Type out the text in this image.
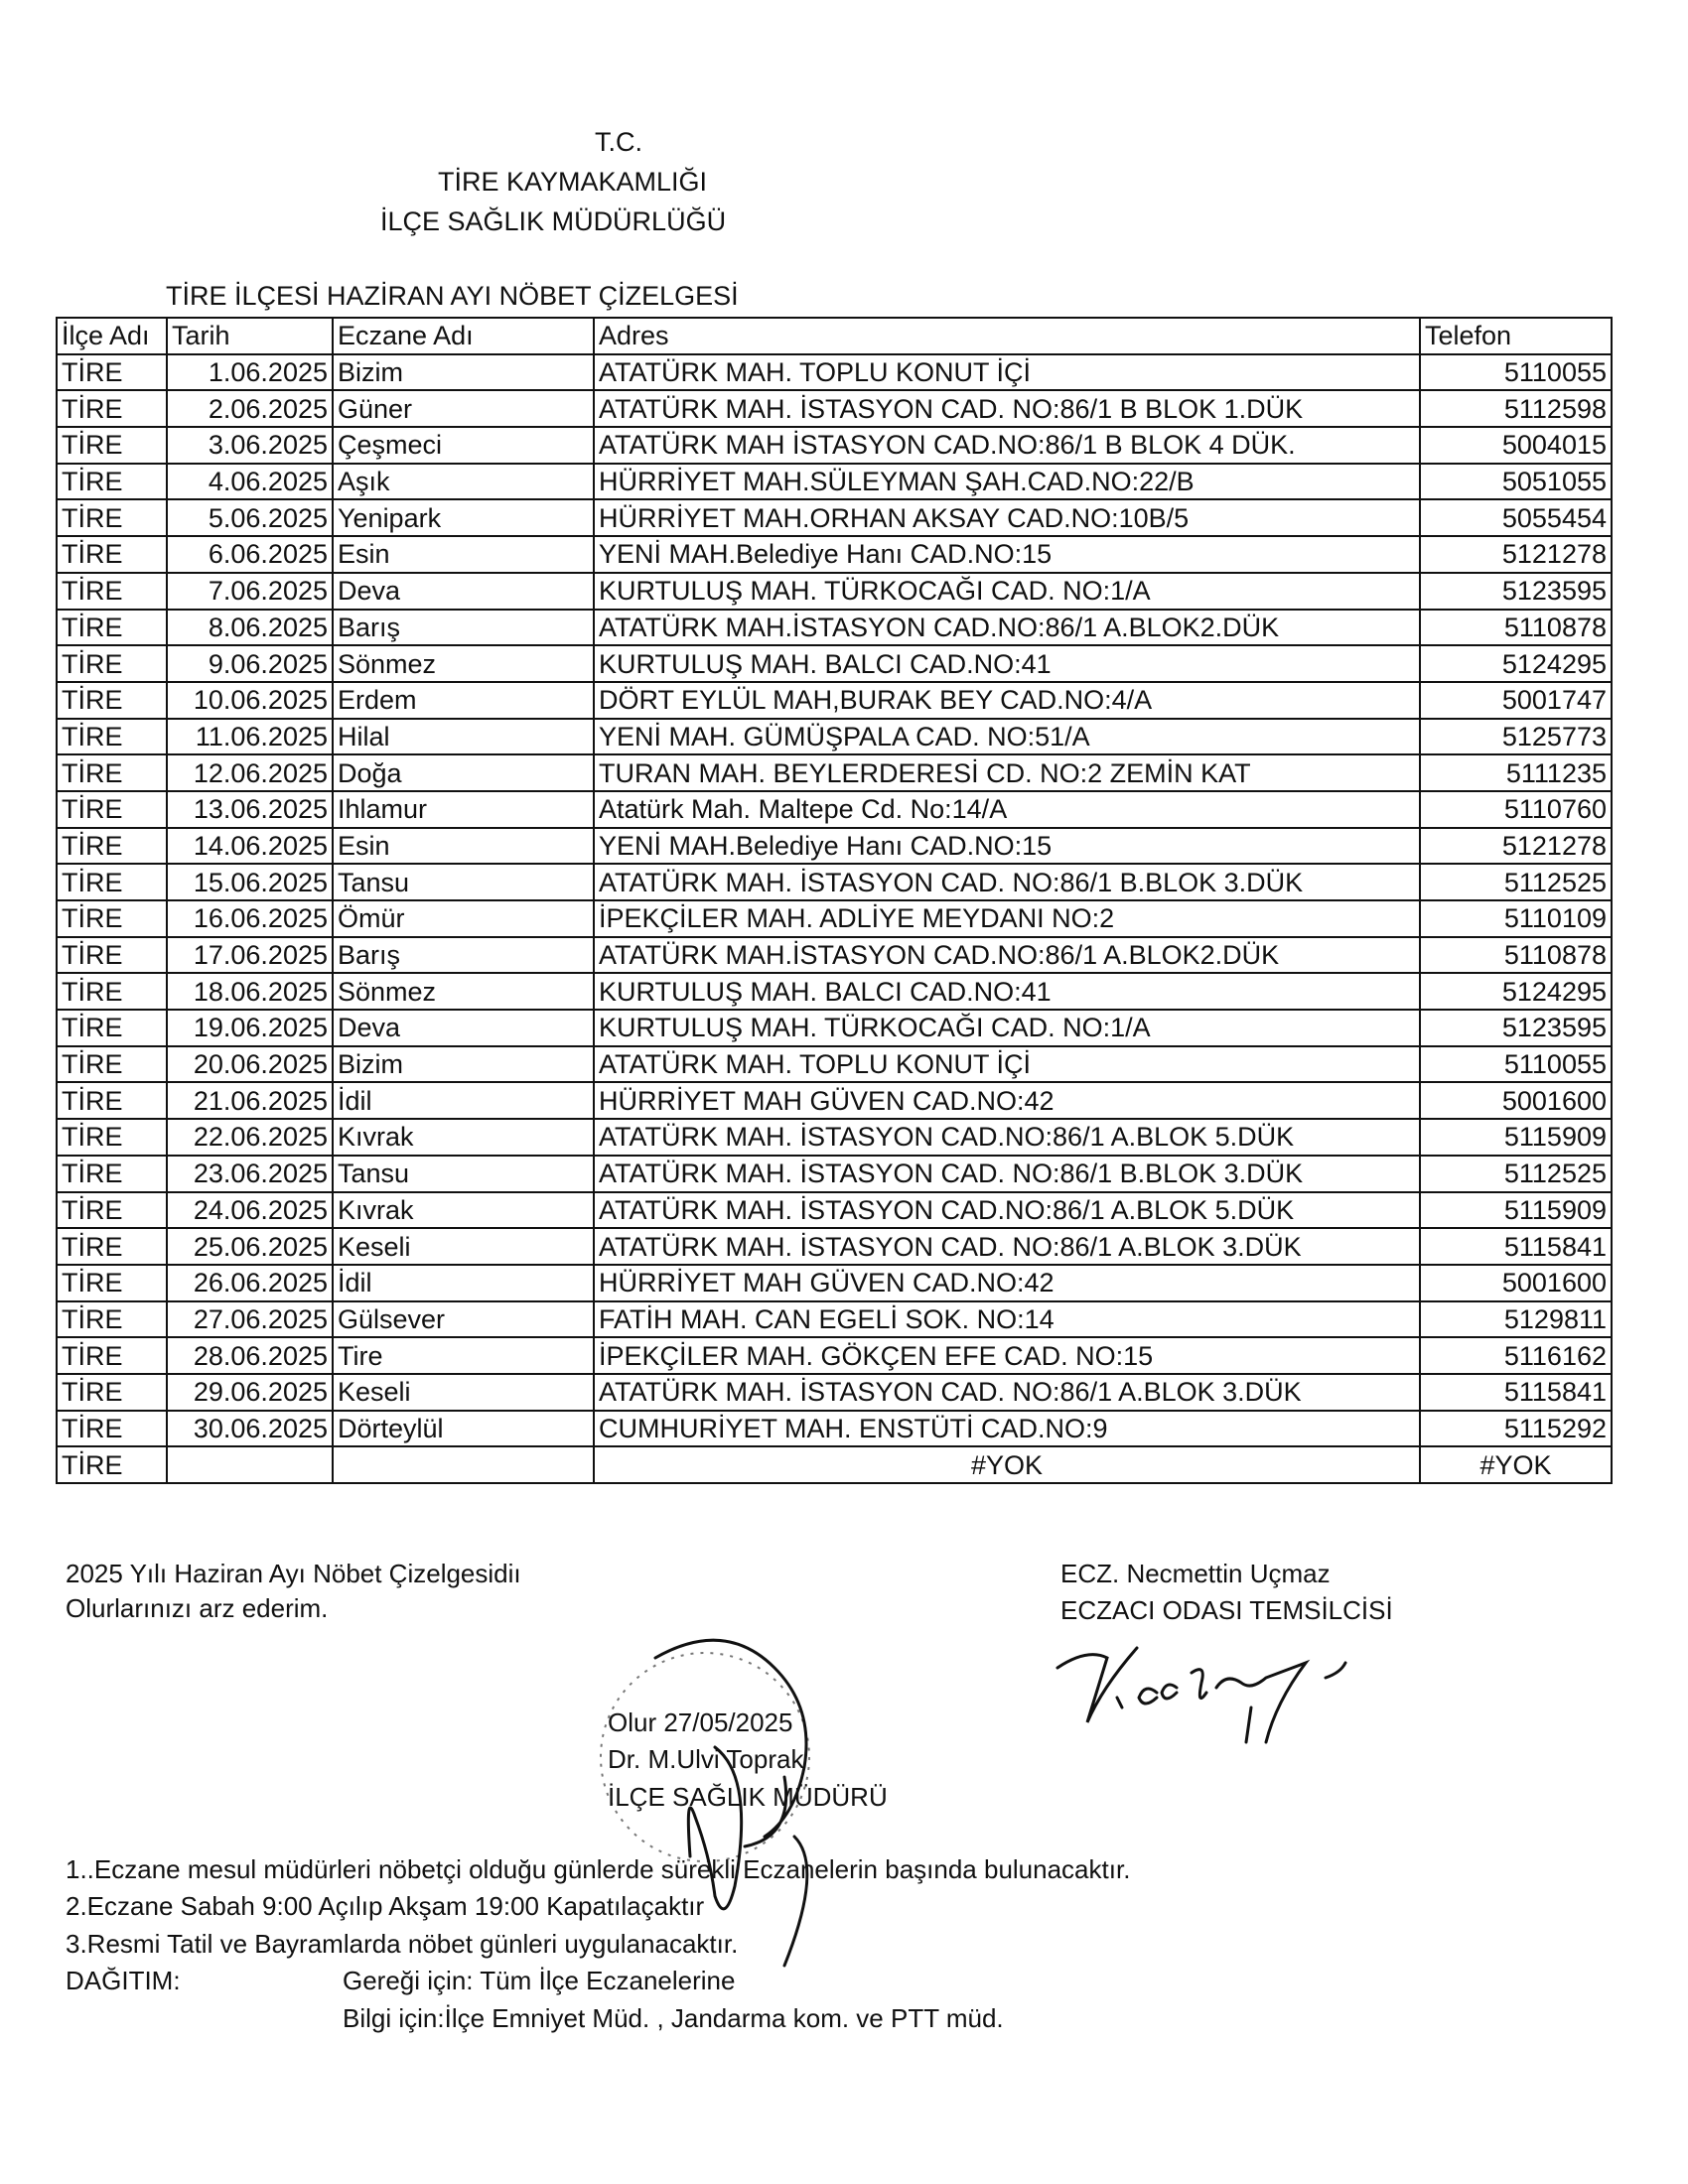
T.C.
TİRE KAYMAKAMLIĞI
İLÇE SAĞLIK MÜDÜRLÜĞÜ
TİRE İLÇESİ HAZİRAN AYI NÖBET ÇİZELGESİ
İlçe Adı	Tarih	Eczane Adı	Adres	Telefon
TİRE	1.06.2025	Bizim	ATATÜRK MAH. TOPLU KONUT İÇİ	5110055
TİRE	2.06.2025	Güner	ATATÜRK MAH. İSTASYON CAD. NO:86/1 B BLOK 1.DÜK	5112598
TİRE	3.06.2025	Çeşmeci	ATATÜRK MAH İSTASYON CAD.NO:86/1 B BLOK 4 DÜK.	5004015
TİRE	4.06.2025	Aşık	HÜRRİYET MAH.SÜLEYMAN ŞAH.CAD.NO:22/B	5051055
TİRE	5.06.2025	Yenipark	HÜRRİYET MAH.ORHAN AKSAY CAD.NO:10B/5	5055454
TİRE	6.06.2025	Esin	YENİ MAH.Belediye Hanı CAD.NO:15	5121278
TİRE	7.06.2025	Deva	KURTULUŞ MAH. TÜRKOCAĞI CAD. NO:1/A	5123595
TİRE	8.06.2025	Barış	ATATÜRK MAH.İSTASYON CAD.NO:86/1 A.BLOK2.DÜK	5110878
TİRE	9.06.2025	Sönmez	KURTULUŞ MAH. BALCI CAD.NO:41	5124295
TİRE	10.06.2025	Erdem	DÖRT EYLÜL MAH,BURAK BEY CAD.NO:4/A	5001747
TİRE	11.06.2025	Hilal	YENİ MAH. GÜMÜŞPALA CAD. NO:51/A	5125773
TİRE	12.06.2025	Doğa	TURAN MAH. BEYLERDERESİ CD. NO:2 ZEMİN KAT	5111235
TİRE	13.06.2025	Ihlamur	Atatürk Mah. Maltepe Cd. No:14/A	5110760
TİRE	14.06.2025	Esin	YENİ MAH.Belediye Hanı CAD.NO:15	5121278
TİRE	15.06.2025	Tansu	ATATÜRK MAH. İSTASYON CAD. NO:86/1 B.BLOK 3.DÜK	5112525
TİRE	16.06.2025	Ömür	İPEKÇİLER MAH. ADLİYE MEYDANI NO:2	5110109
TİRE	17.06.2025	Barış	ATATÜRK MAH.İSTASYON CAD.NO:86/1 A.BLOK2.DÜK	5110878
TİRE	18.06.2025	Sönmez	KURTULUŞ MAH. BALCI CAD.NO:41	5124295
TİRE	19.06.2025	Deva	KURTULUŞ MAH. TÜRKOCAĞI CAD. NO:1/A	5123595
TİRE	20.06.2025	Bizim	ATATÜRK MAH. TOPLU KONUT İÇİ	5110055
TİRE	21.06.2025	İdil	HÜRRİYET MAH GÜVEN CAD.NO:42	5001600
TİRE	22.06.2025	Kıvrak	ATATÜRK MAH. İSTASYON CAD.NO:86/1 A.BLOK 5.DÜK	5115909
TİRE	23.06.2025	Tansu	ATATÜRK MAH. İSTASYON CAD. NO:86/1 B.BLOK 3.DÜK	5112525
TİRE	24.06.2025	Kıvrak	ATATÜRK MAH. İSTASYON CAD.NO:86/1 A.BLOK 5.DÜK	5115909
TİRE	25.06.2025	Keseli	ATATÜRK MAH. İSTASYON CAD. NO:86/1 A.BLOK 3.DÜK	5115841
TİRE	26.06.2025	İdil	HÜRRİYET MAH GÜVEN CAD.NO:42	5001600
TİRE	27.06.2025	Gülsever	FATİH MAH. CAN EGELİ SOK. NO:14	5129811
TİRE	28.06.2025	Tire	İPEKÇİLER MAH. GÖKÇEN EFE CAD. NO:15	5116162
TİRE	29.06.2025	Keseli	ATATÜRK MAH. İSTASYON CAD. NO:86/1 A.BLOK 3.DÜK	5115841
TİRE	30.06.2025	Dörteylül	CUMHURİYET MAH. ENSTÜTİ CAD.NO:9	5115292
TİRE			#YOK	#YOK
2025 Yılı Haziran Ayı Nöbet Çizelgesidiı
Olurlarınızı arz ederim.
ECZ. Necmettin Uçmaz
ECZACI ODASI TEMSİLCİSİ
Olur 27/05/2025
Dr. M.Ulvi Toprak
İLÇE SAĞLIK MÜDÜRÜ
1..Eczane mesul müdürleri nöbetçi olduğu günlerde sürekli Eczanelerin başında bulunacaktır.
2.Eczane Sabah 9:00 Açılıp Akşam 19:00 Kapatılaçaktır
3.Resmi Tatil ve Bayramlarda nöbet günleri uygulanacaktır.
DAĞITIM:	Gereği için: Tüm İlçe Eczanelerine
Bilgi için:İlçe Emniyet Müd. , Jandarma kom. ve PTT müd.
